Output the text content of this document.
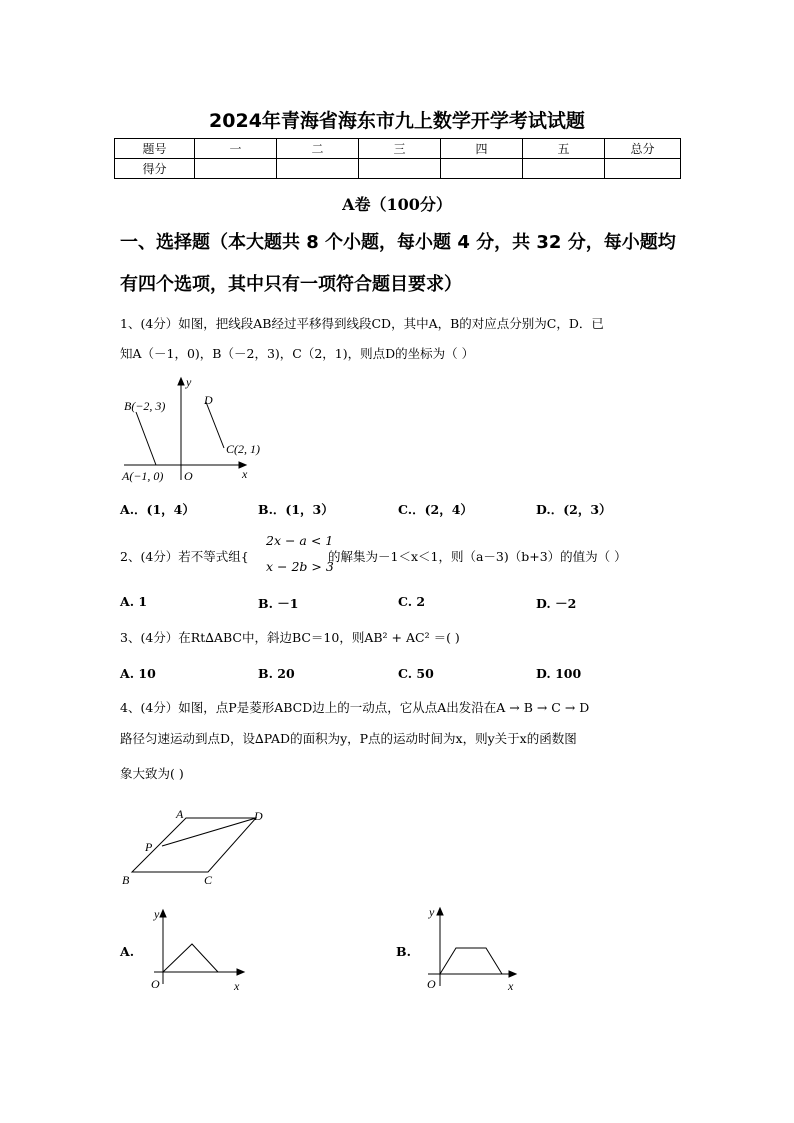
2024年青海省海东市九上数学开学考试试题
题号	一	二	三	四	五	总分
得分						
A卷（100分）
一、选择题（本大题共 8 个小题，每小题 4 分，共 32 分，每小题均
有四个选项，其中只有一项符合题目要求）
1、(4分）如图，把线段AB经过平移得到线段CD，其中A，B的对应点分别为C，D．已
知A（－1，0)，B（－2，3)，C（2，1)，则点D的坐标为（ ）
y
B(−2, 3)	D
C(2, 1)
A(−1, 0) O	x
A.．(1，4）	B.．(1，3）	C.．(2，4）	D.．(2，3）
2、(4分）若不等式组{
2x − a < 1
x − 2b > 3
的解集为－1＜x＜1，则（a－3)（b+3）的值为（ ）
A. 1	B. －1	C. 2	D. －2
3、(4分）在Rt∆ABC中，斜边BC＝10，则AB² + AC² ＝( )
A. 10	B. 20	C. 50	D. 100
4、(4分）如图，点P是菱形ABCD边上的一动点，它从点A出发沿在A → B → C → D
路径匀速运动到点D，设∆PAD的面积为y，P点的运动时间为x，则y关于x的函数图
象大致为( )
A	D
P
B	C
A.
y
O	x
B.
y
O	x
